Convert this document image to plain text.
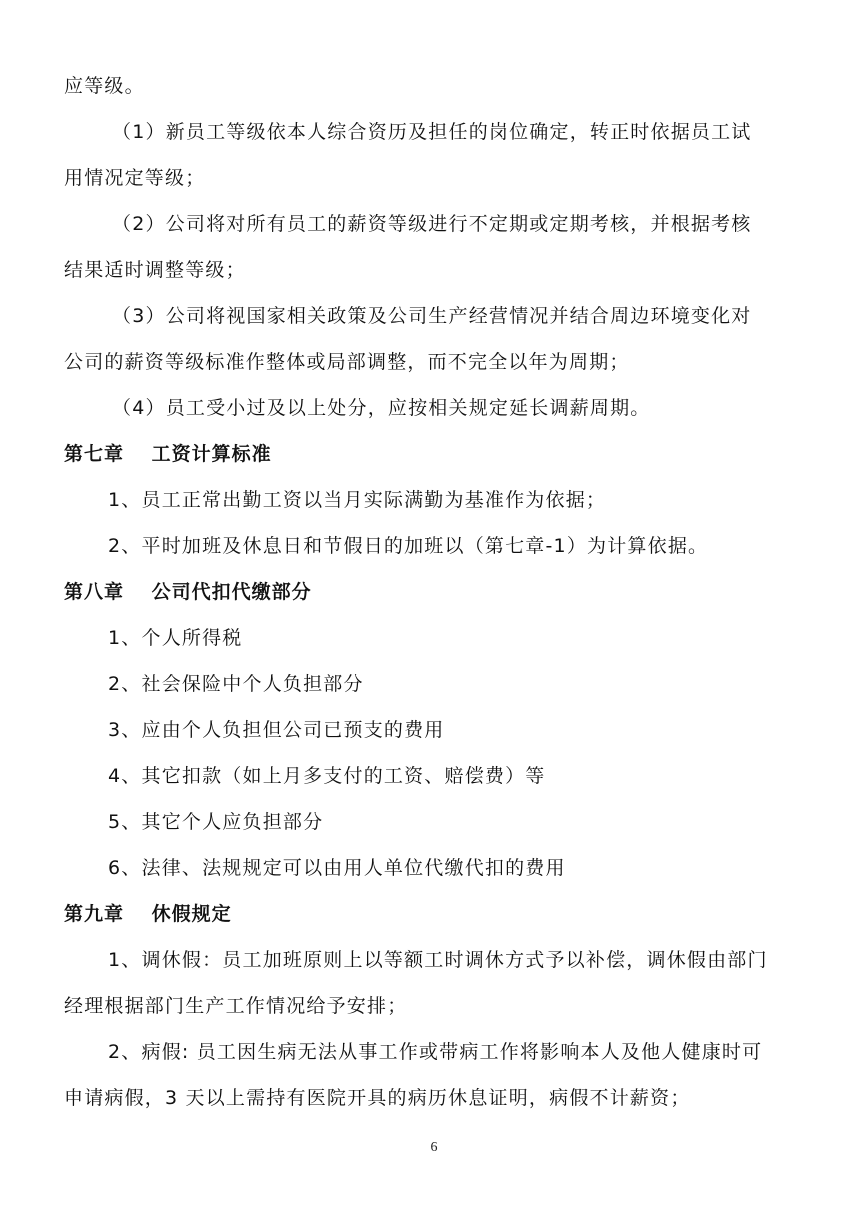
应等级。
（1）新员工等级依本人综合资历及担任的岗位确定，转正时依据员工试
用情况定等级；
（2）公司将对所有员工的薪资等级进行不定期或定期考核，并根据考核
结果适时调整等级；
（3）公司将视国家相关政策及公司生产经营情况并结合周边环境变化对
公司的薪资等级标准作整体或局部调整，而不完全以年为周期；
（4）员工受小过及以上处分，应按相关规定延长调薪周期。
第七章　 工资计算标准
1、员工正常出勤工资以当月实际满勤为基准作为依据；
2、平时加班及休息日和节假日的加班以（第七章-1）为计算依据。
第八章　 公司代扣代缴部分
1、个人所得税
2、社会保险中个人负担部分
3、应由个人负担但公司已预支的费用
4、其它扣款（如上月多支付的工资、赔偿费）等
5、其它个人应负担部分
6、法律、法规规定可以由用人单位代缴代扣的费用
第九章　 休假规定
1、调休假：员工加班原则上以等额工时调休方式予以补偿，调休假由部门
经理根据部门生产工作情况给予安排；
2、病假: 员工因生病无法从事工作或带病工作将影响本人及他人健康时可
申请病假，3 天以上需持有医院开具的病历休息证明，病假不计薪资；
6
